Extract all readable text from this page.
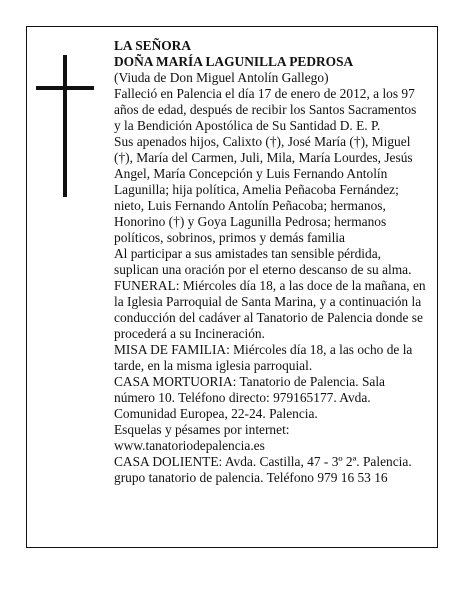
LA SEÑORA

DOÑA MARÍA LAGUNILLA PEDROSA

(Viuda de Don Miguel Antolín Gallego)

Falleció en Palencia el día 17 de enero de 2012, a los 97 años de edad, después de recibir los Santos Sacramentos y la Bendición Apostólica de Su Santidad D. E. P.

Sus apenados hijos, Calixto (†), José María (†), Miguel (†), María del Carmen, Juli, Mila, María Lourdes, Jesús Angel, María Concepción y Luis Fernando Antolín Lagunilla; hija política, Amelia Peñacoba Fernández; nieto, Luis Fernando Antolín Peñacoba; hermanos, Honorino (†) y Goya Lagunilla Pedrosa; hermanos políticos, sobrinos, primos y demás familia

Al participar a sus amistades tan sensible pérdida, suplican una oración por el eterno descanso de su alma.

FUNERAL: Miércoles día 18, a las doce de la mañana, en la Iglesia Parroquial de Santa Marina, y a continuación la conducción del cadáver al Tanatorio de Palencia donde se procederá a su Incineración.

MISA DE FAMILIA: Miércoles día 18, a las ocho de la tarde, en la misma iglesia parroquial.

CASA MORTUORIA: Tanatorio de Palencia. Sala número 10. Teléfono directo: 979165177. Avda. Comunidad Europea, 22-24. Palencia.

Esquelas y pésames por internet: www.tanatoriodepalencia.es

CASA DOLIENTE: Avda. Castilla, 47 - 3º 2ª. Palencia. grupo tanatorio de palencia. Teléfono 979 16 53 16
